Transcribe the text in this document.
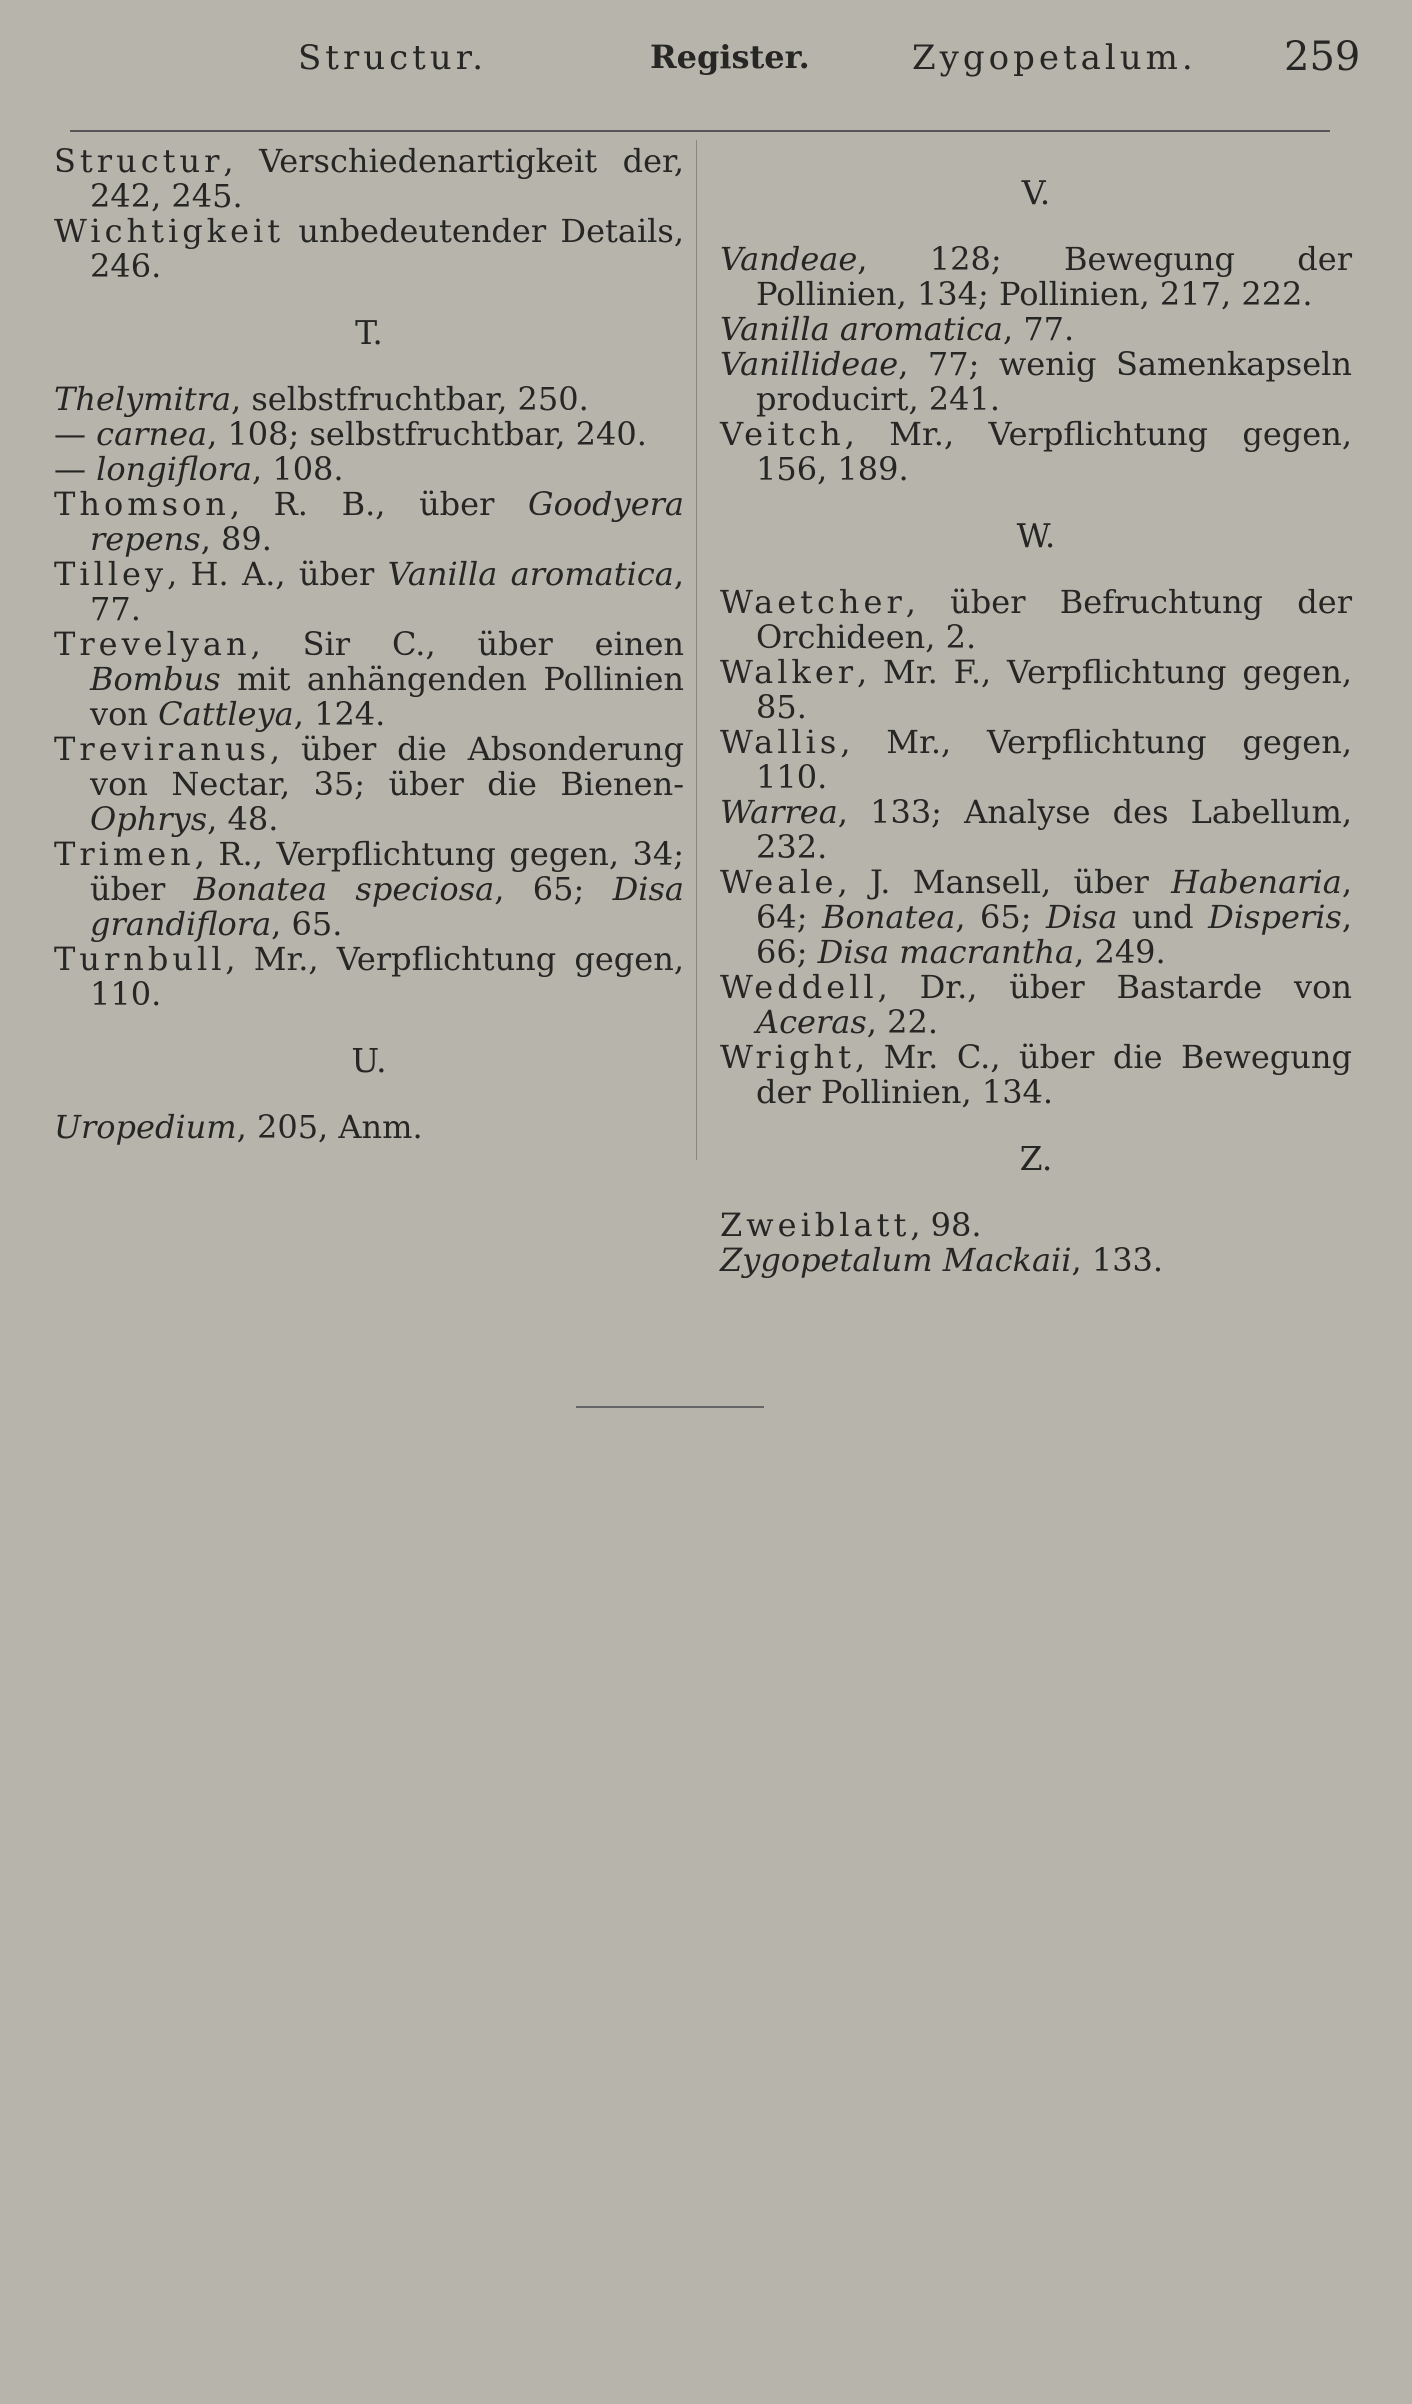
Structur.	Register.	Zygopetalum. 259

Structur, Verschiedenartigkeit der, 242, 245.

Wichtigkeit unbedeutender Details, 246.

T.

Thelymitra, selbstfruchtbar, 250.

— carnea, 108; selbstfruchtbar, 240.

— longiflora, 108.

Thomson, R. B., über Goodyera repens, 89.

Tilley, H. A., über Vanilla aromatica, 77.

Trevelyan, Sir C., über einen Bombus mit anhängenden Pollinien von Cattleya, 124.

Treviranus, über die Absonderung von Nectar, 35; über die Bienen-Ophrys, 48.

Trimen, R., Verpflichtung gegen, 34; über Bonatea speciosa, 65; Disa grandiflora, 65.

Turnbull, Mr., Verpflichtung gegen, 110.

U.

Uropedium, 205, Anm.

V.

Vandeae, 128; Bewegung der Pollinien, 134; Pollinien, 217, 222.

Vanilla aromatica, 77.

Vanillideae, 77; wenig Samenkapseln producirt, 241.

Veitch, Mr., Verpflichtung gegen, 156, 189.

W.

Waetcher, über Befruchtung der Orchideen, 2.

Walker, Mr. F., Verpflichtung gegen, 85.

Wallis, Mr., Verpflichtung gegen, 110.

Warrea, 133; Analyse des Labellum, 232.

Weale, J. Mansell, über Habenaria, 64; Bonatea, 65; Disa und Disperis, 66; Disa macrantha, 249.

Weddell, Dr., über Bastarde von Aceras, 22.

Wright, Mr. C., über die Bewegung der Pollinien, 134.

Z.

Zweiblatt, 98.

Zygopetalum Mackaii, 133.
